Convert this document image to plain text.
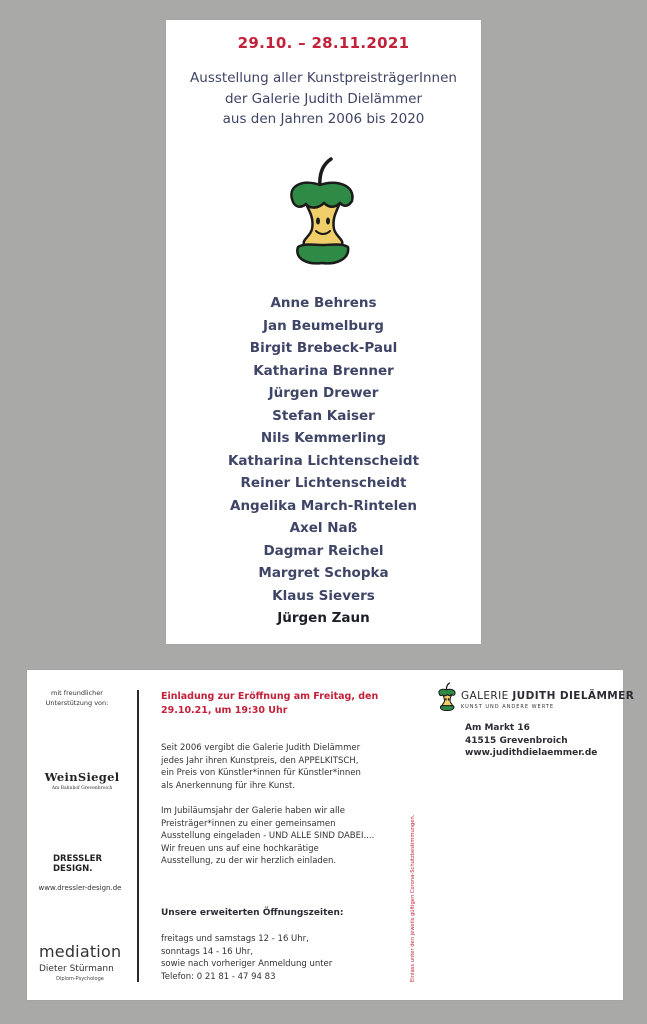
29.10. – 28.11.2021
Ausstellung aller KunstpreisträgerInnen
der Galerie Judith Dielämmer
aus den Jahren 2006 bis 2020
Anne Behrens
Jan Beumelburg
Birgit Brebeck-Paul
Katharina Brenner
Jürgen Drewer
Stefan Kaiser
Nils Kemmerling
Katharina Lichtenscheidt
Reiner Lichtenscheidt
Angelika March-Rintelen
Axel Naß
Dagmar Reichel
Margret Schopka
Klaus Sievers
Jürgen Zaun
mit freundlicher
Unterstützung von:
WeinSiegel
Am Bahnhof Grevenbroich
DRESSLER
DESIGN.
www.dressler-design.de
mediation
Dieter Stürmann
Diplom-Psychologe
Einladung zur Eröffnung am Freitag, den
29.10.21, um 19:30 Uhr
Seit 2006 vergibt die Galerie Judith Dielämmer
jedes Jahr ihren Kunstpreis, den APPELKITSCH,
ein Preis von Künstler*innen für Künstler*innen
als Anerkennung für ihre Kunst.
Im Jubiläumsjahr der Galerie haben wir alle
Preisträger*innen zu einer gemeinsamen
Ausstellung eingeladen - UND ALLE SIND DABEI....
Wir freuen uns auf eine hochkarätige
Ausstellung, zu der wir herzlich einladen.
Unsere erweiterten Öffnungszeiten:
freitags und samstags 12 - 16 Uhr,
sonntags 14 - 16 Uhr,
sowie nach vorheriger Anmeldung unter
Telefon: 0 21 81 - 47 94 83	Einlass unter den jeweils gültigen Corona-Schutzbestimmungen.
GALERIE JUDITH DIELÄMMER
KUNST UND ANDERE WERTE
Am Markt 16
41515 Grevenbroich
www.judithdielaemmer.de
